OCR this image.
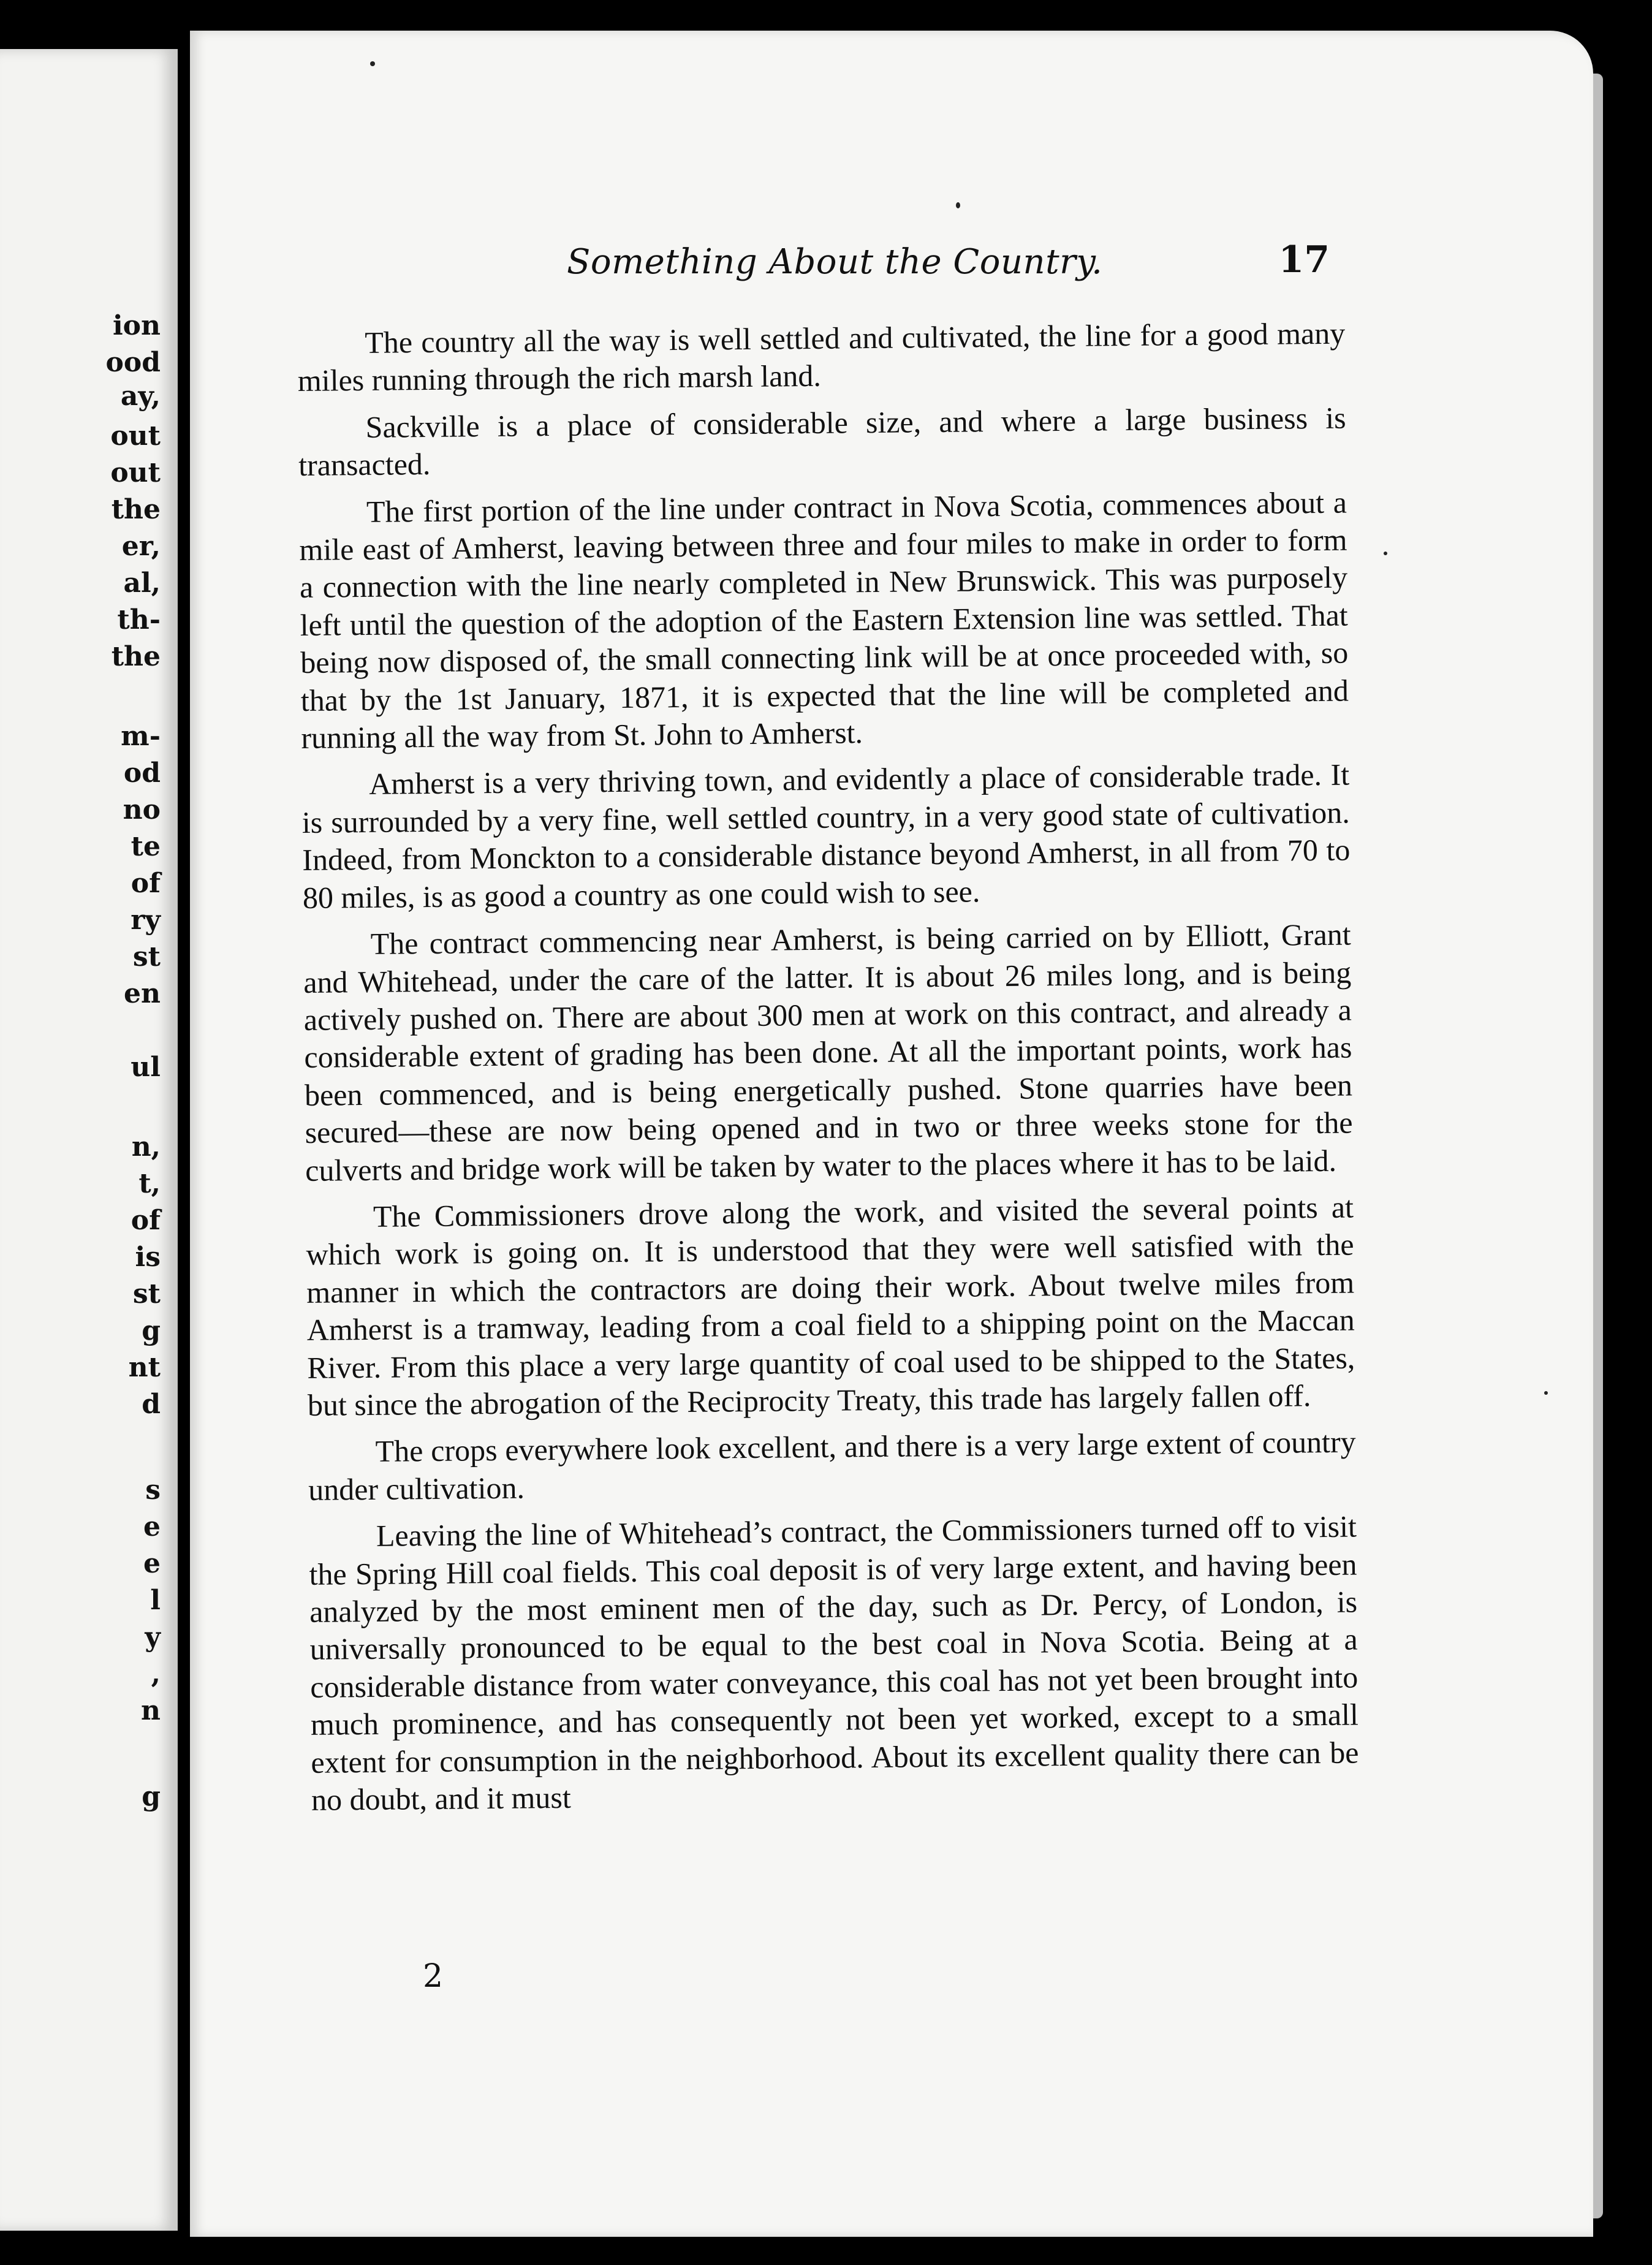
ion
ood
ay,
out
out
the
er,
al,
th-
the
m-
od
no
te
of
ry
st
en
ul
n,
t,
of
is
st
g
nt
d
s
e
e
l
y
,
n
g
Something About the Country.	17

The country all the way is well settled and cultivated, the line for a good many miles running through the rich marsh land.

Sackville is a place of considerable size, and where a large business is transacted.

The first portion of the line under contract in Nova Scotia, commences about a mile east of Amherst, leaving between three and four miles to make in order to form a connection with the line nearly completed in New Brunswick. This was purposely left until the question of the adoption of the Eastern Extension line was settled. That being now disposed of, the small connecting link will be at once proceeded with, so that by the 1st January, 1871, it is expected that the line will be completed and running all the way from St. John to Amherst.

Amherst is a very thriving town, and evidently a place of considerable trade. It is surrounded by a very fine, well settled country, in a very good state of cultivation. Indeed, from Monckton to a considerable distance beyond Amherst, in all from 70 to 80 miles, is as good a country as one could wish to see.

The contract commencing near Amherst, is being carried on by Elliott, Grant and Whitehead, under the care of the latter. It is about 26 miles long, and is being actively pushed on. There are about 300 men at work on this contract, and already a considerable extent of grading has been done. At all the important points, work has been commenced, and is being energetically pushed. Stone quarries have been secured—these are now being opened and in two or three weeks stone for the culverts and bridge work will be taken by water to the places where it has to be laid.

The Commissioners drove along the work, and visited the several points at which work is going on. It is understood that they were well satisfied with the manner in which the contractors are doing their work. About twelve miles from Amherst is a tramway, leading from a coal field to a shipping point on the Maccan River. From this place a very large quantity of coal used to be shipped to the States, but since the abrogation of the Reciprocity Treaty, this trade has largely fallen off.

The crops everywhere look excellent, and there is a very large extent of country under cultivation.

Leaving the line of Whitehead’s contract, the Commissioners turned off to visit the Spring Hill coal fields. This coal deposit is of very large extent, and having been analyzed by the most eminent men of the day, such as Dr. Percy, of London, is universally pronounced to be equal to the best coal in Nova Scotia. Being at a considerable distance from water conveyance, this coal has not yet been brought into much prominence, and has consequently not been yet worked, except to a small extent for consumption in the neighborhood. About its excellent quality there can be no doubt, and it must

2
